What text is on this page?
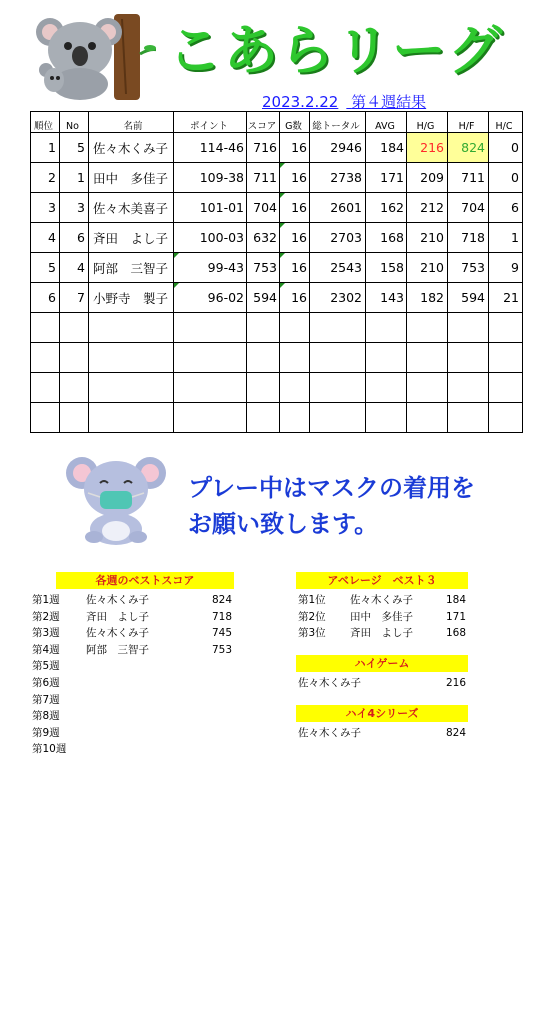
こあらリーグ
2023.2.22 第４週結果
順位	No	名前	ポイント	スコア	G数	総トータル	AVG	H/G	H/F	H/C
1	5	佐々木くみ子	114-46	716	16	2946	184	216	824	0
2	1	田中　多佳子	109-38	711	16	2738	171	209	711	0
3	3	佐々木美喜子	101-01	704	16	2601	162	212	704	6
4	6	斉田　よし子	100-03	632	16	2703	168	210	718	1
5	4	阿部　三智子	99-43	753	16	2543	158	210	753	9
6	7	小野寺　製子	96-02	594	16	2302	143	182	594	21

プレー中はマスクの着用を
お願い致します。
各週のベストスコア
第1週	佐々木くみ子	824
第2週	斉田　よし子	718
第3週	佐々木くみ子	745
第4週	阿部　三智子	753
第5週
第6週
第7週
第8週
第9週
第10週
アベレージ　ベスト３
第1位 佐々木くみ子	184
第2位 田中　多佳子	171
第3位 斉田　よし子	168
ハイゲーム
佐々木くみ子	216
ハイ4シリーズ
佐々木くみ子	824
